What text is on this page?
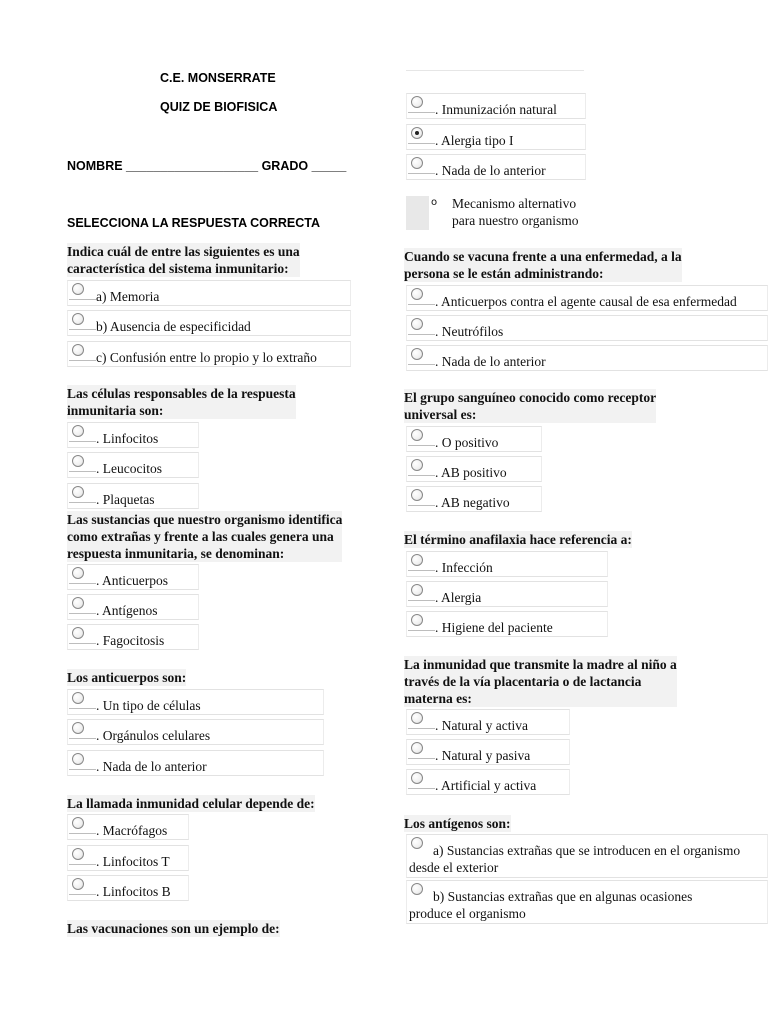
C.E. MONSERRATE
QUIZ DE BIOFISICA
NOMBRE ___________________ GRADO _____
SELECCIONA LA RESPUESTA CORRECTA
Indica cuál de entre las siguientes es una
característica del sistema inmunitario:
a) Memoria
b) Ausencia de especificidad
c) Confusión entre lo propio y lo extraño
Las células responsables de la respuesta
inmunitaria son:
. Linfocitos
. Leucocitos
. Plaquetas
Las sustancias que nuestro organismo identifica
como extrañas y frente a las cuales genera una
respuesta inmunitaria, se denominan:
. Anticuerpos
. Antígenos
. Fagocitosis
Los anticuerpos son:
. Un tipo de células
. Orgánulos celulares
. Nada de lo anterior
La llamada inmunidad celular depende de:
. Macrófagos
. Linfocitos T
. Linfocitos B
Las vacunaciones son un ejemplo de:
. Inmunización natural
. Alergia tipo I
. Nada de lo anterior
o Mecanismo alternativo
para nuestro organismo
Cuando se vacuna frente a una enfermedad, a la
persona se le están administrando:
. Anticuerpos contra el agente causal de esa enfermedad
. Neutrófilos
. Nada de lo anterior
El grupo sanguíneo conocido como receptor
universal es:
. O positivo
. AB positivo
. AB negativo
El término anafilaxia hace referencia a:
. Infección
. Alergia
. Higiene del paciente
La inmunidad que transmite la madre al niño a
través de la vía placentaria o de lactancia
materna es:
. Natural y activa
. Natural y pasiva
. Artificial y activa
Los antígenos son:
a) Sustancias extrañas que se introducen en el organismo
desde el exterior
b) Sustancias extrañas que en algunas ocasiones
produce el organismo
